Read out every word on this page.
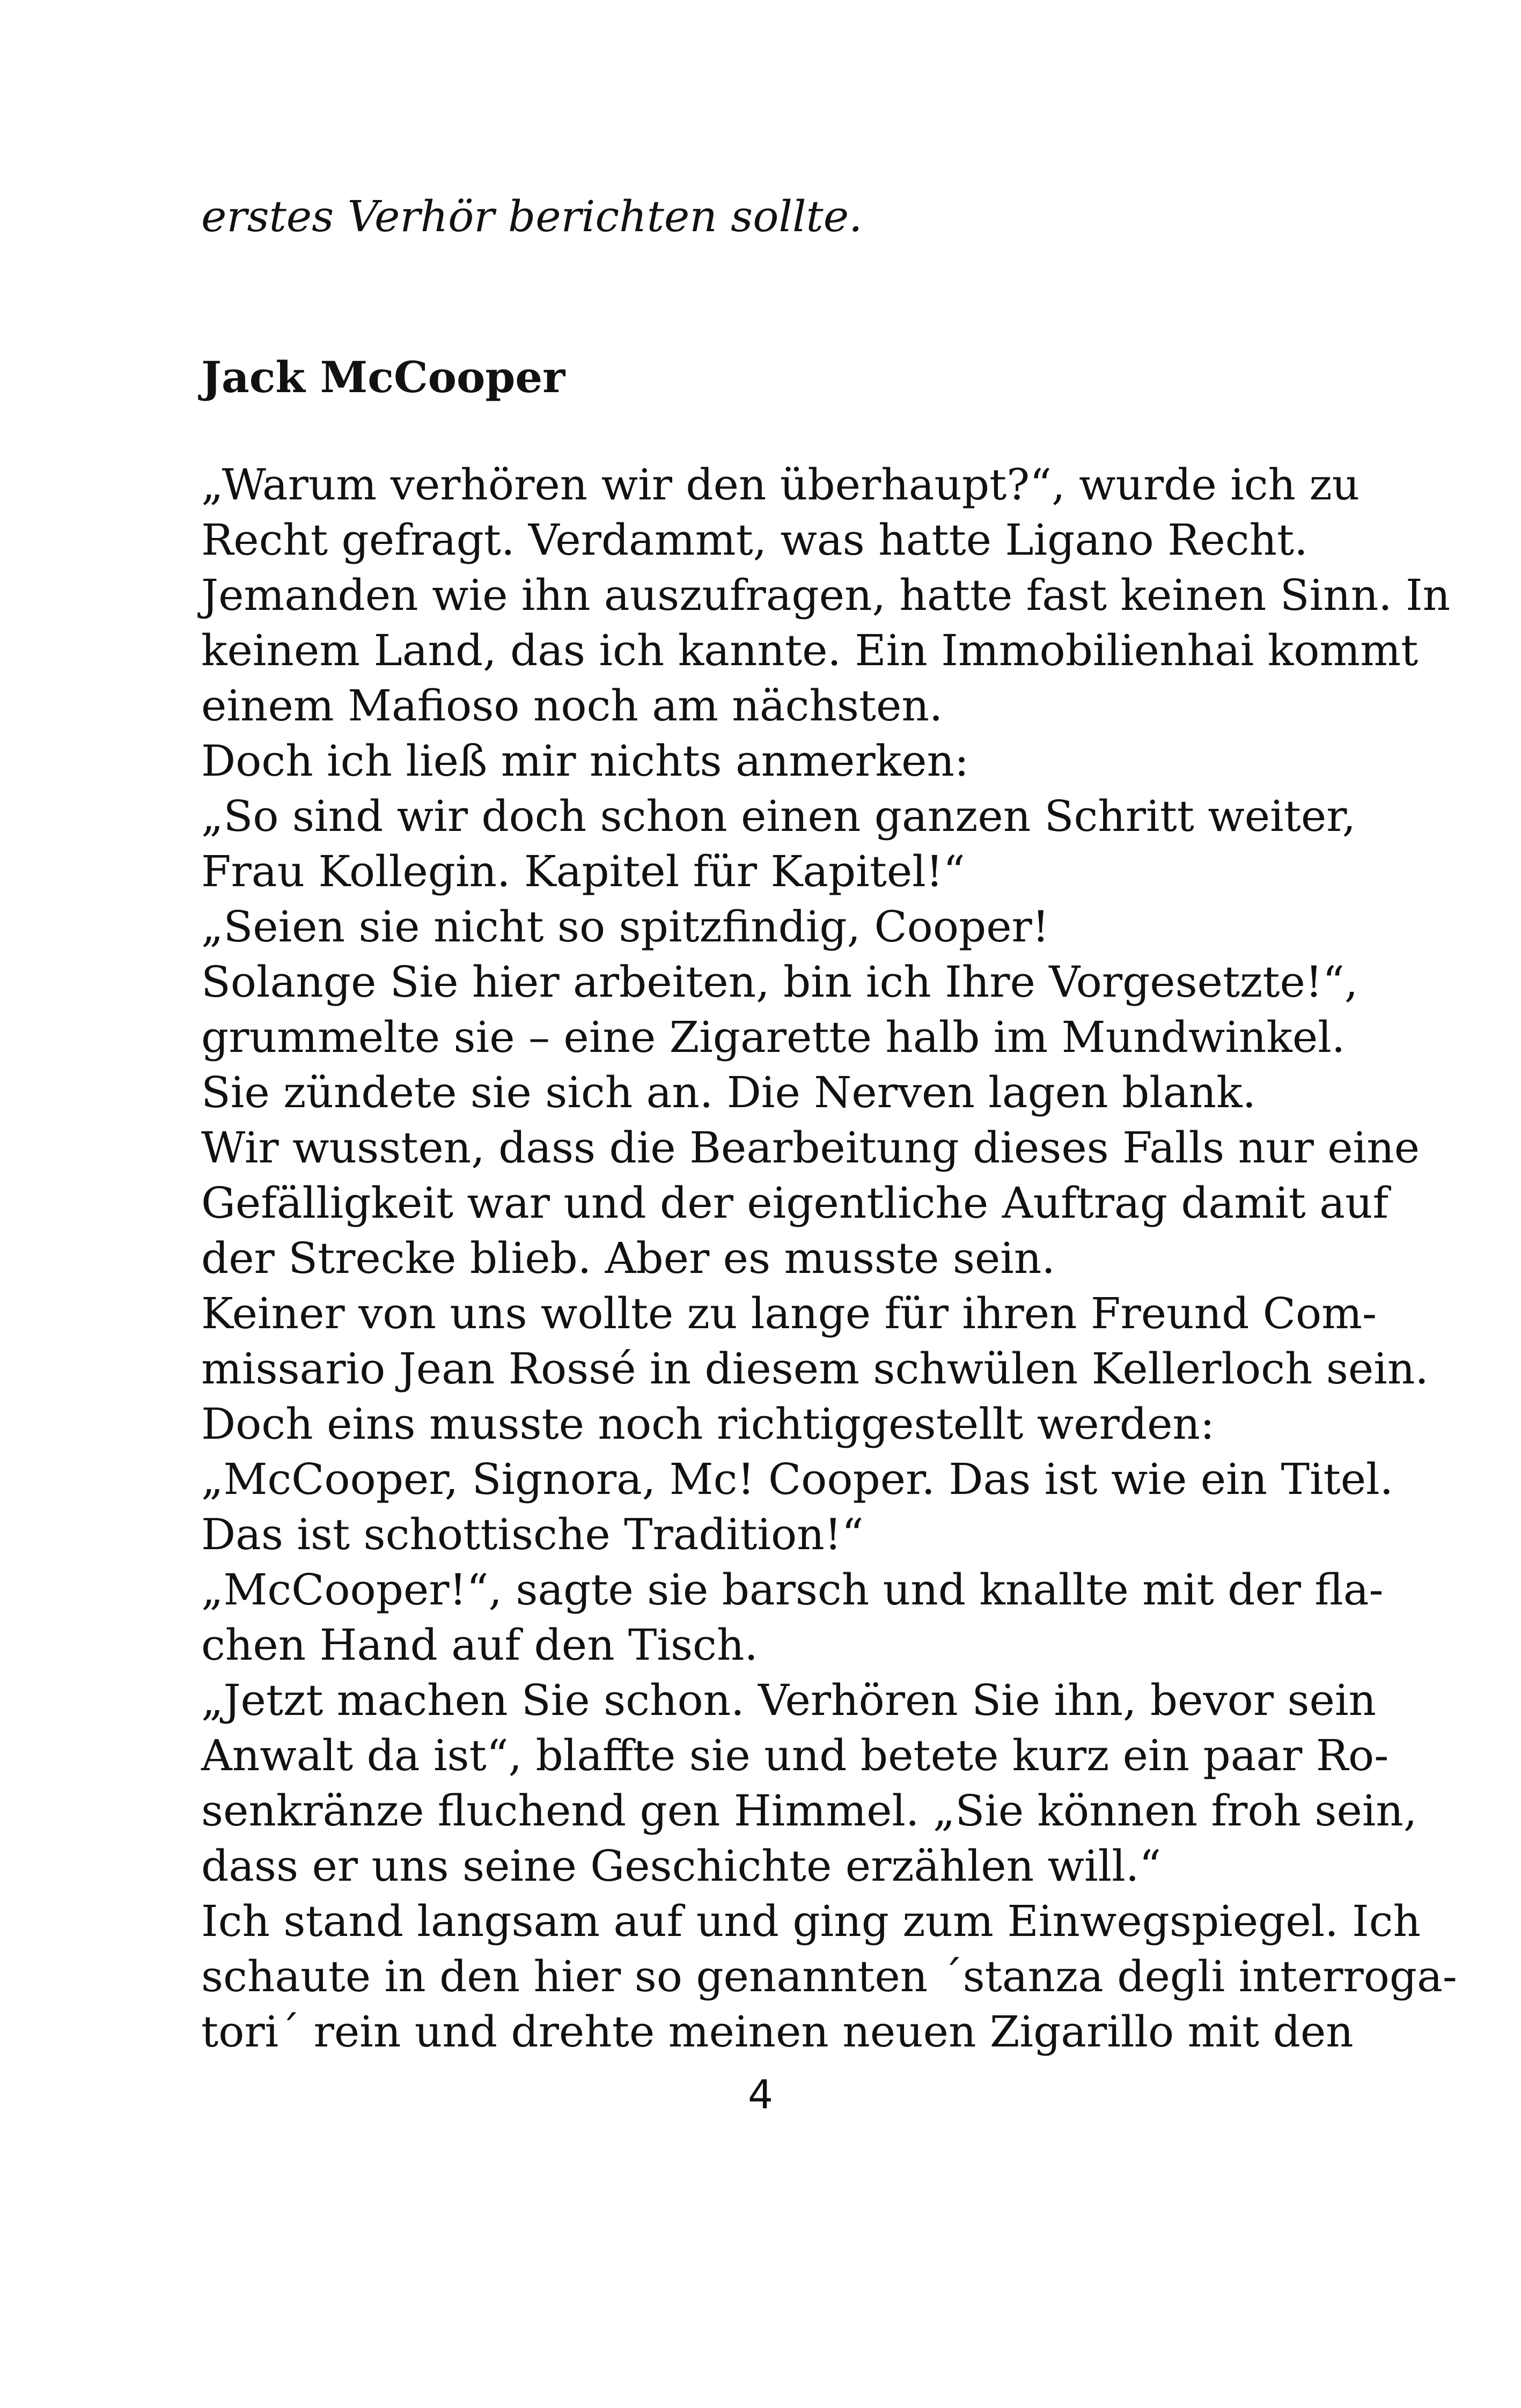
erstes Verhör berichten sollte.
Jack McCooper
„Warum verhören wir den überhaupt?“, wurde ich zu
Recht gefragt. Verdammt, was hatte Ligano Recht.
Jemanden wie ihn auszufragen, hatte fast keinen Sinn. In
keinem Land, das ich kannte. Ein Immobilienhai kommt
einem Mafioso noch am nächsten.
Doch ich ließ mir nichts anmerken:
„So sind wir doch schon einen ganzen Schritt weiter,
Frau Kollegin. Kapitel für Kapitel!“
„Seien sie nicht so spitzfindig, Cooper!
Solange Sie hier arbeiten, bin ich Ihre Vorgesetzte!“,
grummelte sie – eine Zigarette halb im Mundwinkel.
Sie zündete sie sich an. Die Nerven lagen blank.
Wir wussten, dass die Bearbeitung dieses Falls nur eine
Gefälligkeit war und der eigentliche Auftrag damit auf
der Strecke blieb. Aber es musste sein.
Keiner von uns wollte zu lange für ihren Freund Com-
missario Jean Rossé in diesem schwülen Kellerloch sein.
Doch eins musste noch richtiggestellt werden:
„McCooper, Signora, Mc! Cooper. Das ist wie ein Titel.
Das ist schottische Tradition!“
„McCooper!“, sagte sie barsch und knallte mit der fla-
chen Hand auf den Tisch.
„Jetzt machen Sie schon. Verhören Sie ihn, bevor sein
Anwalt da ist“, blaffte sie und betete kurz ein paar Ro-
senkränze fluchend gen Himmel. „Sie können froh sein,
dass er uns seine Geschichte erzählen will.“
Ich stand langsam auf und ging zum Einwegspiegel. Ich
schaute in den hier so genannten ´stanza degli interroga-
tori´ rein und drehte meinen neuen Zigarillo mit den
4
